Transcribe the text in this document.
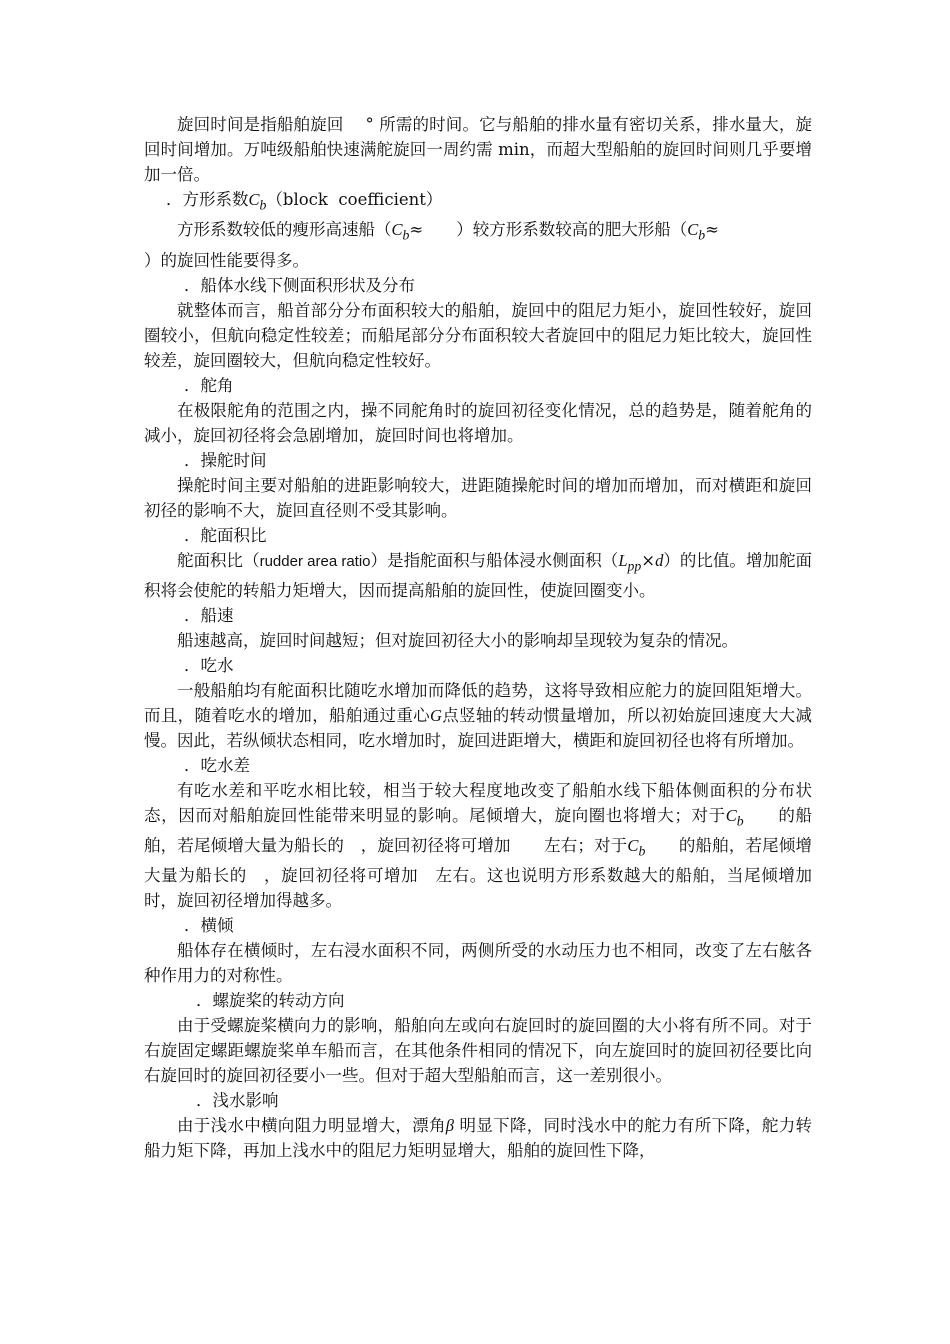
旋回时间是指船舶旋回 　° 所需的时间。它与船舶的排水量有密切关系，排水量大，旋回时间增加。万吨级船舶快速满舵旋回一周约需 min，而超大型船舶的旋回时间则几乎要增加一倍。

．方形系数$C_b(block$  coefficient）

方形系数较低的瘦形高速船（$C_b\approx$　　）较方形系数较高的肥大形船（$C_b\approx$
）的旋回性能要得多。

．船体水线下侧面积形状及分布

就整体而言，船首部分分布面积较大的船舶，旋回中的阻尼力矩小，旋回性较好，旋回圈较小，但航向稳定性较差；而船尾部分分布面积较大者旋回中的阻尼力矩比较大，旋回性较差，旋回圈较大，但航向稳定性较好。

．舵角

在极限舵角的范围之内，操不同舵角时的旋回初径变化情况，总的趋势是，随着舵角的减小，旋回初径将会急剧增加，旋回时间也将增加。

．操舵时间

操舵时间主要对船舶的进距影响较大，进距随操舵时间的增加而增加，而对横距和旋回初径的影响不大，旋回直径则不受其影响。

．舵面积比

舵面积比（rudder area ratio）是指舵面积与船体浸水侧面积$(L_{pp}\times d)$的比值。增加舵面积将会使舵的转船力矩增大，因而提高船舶的旋回性，使旋回圈变小。

．船速

船速越高，旋回时间越短；但对旋回初径大小的影响却呈现较为复杂的情况。

．吃水

一般船舶均有舵面积比随吃水增加而降低的趋势，这将导致相应舵力的旋回阻矩增大。而且，随着吃水的增加，船舶通过重心G点竖轴的转动惯量增加，所以初始旋回速度大大减慢。因此，若纵倾状态相同，吃水增加时，旋回进距增大，横距和旋回初径也将有所增加。

．吃水差

有吃水差和平吃水相比较，相当于较大程度地改变了船舶水线下船体侧面积的分布状态，因而对船舶旋回性能带来明显的影响。尾倾增大，旋向圈也将增大；对于$C_b$　　的船舶，若尾倾增大量为船长的　，旋回初径将可增加　　左右；对于$C_b$　　的船舶，若尾倾增大量为船长的　，旋回初径将可增加　左右。这也说明方形系数越大的船舶，当尾倾增加时，旋回初径增加得越多。

．横倾

船体存在横倾时，左右浸水面积不同，两侧所受的水动压力也不相同，改变了左右舷各种作用力的对称性。

．螺旋桨的转动方向

由于受螺旋桨横向力的影响，船舶向左或向右旋回时的旋回圈的大小将有所不同。对于右旋固定螺距螺旋桨单车船而言，在其他条件相同的情况下，向左旋回时的旋回初径要比向右旋回时的旋回初径要小一些。但对于超大型船舶而言，这一差别很小。

．浅水影响

由于浅水中横向阻力明显增大，漂角β 明显下降，同时浅水中的舵力有所下降，舵力转船力矩下降，再加上浅水中的阻尼力矩明显增大，船舶的旋回性下降，
